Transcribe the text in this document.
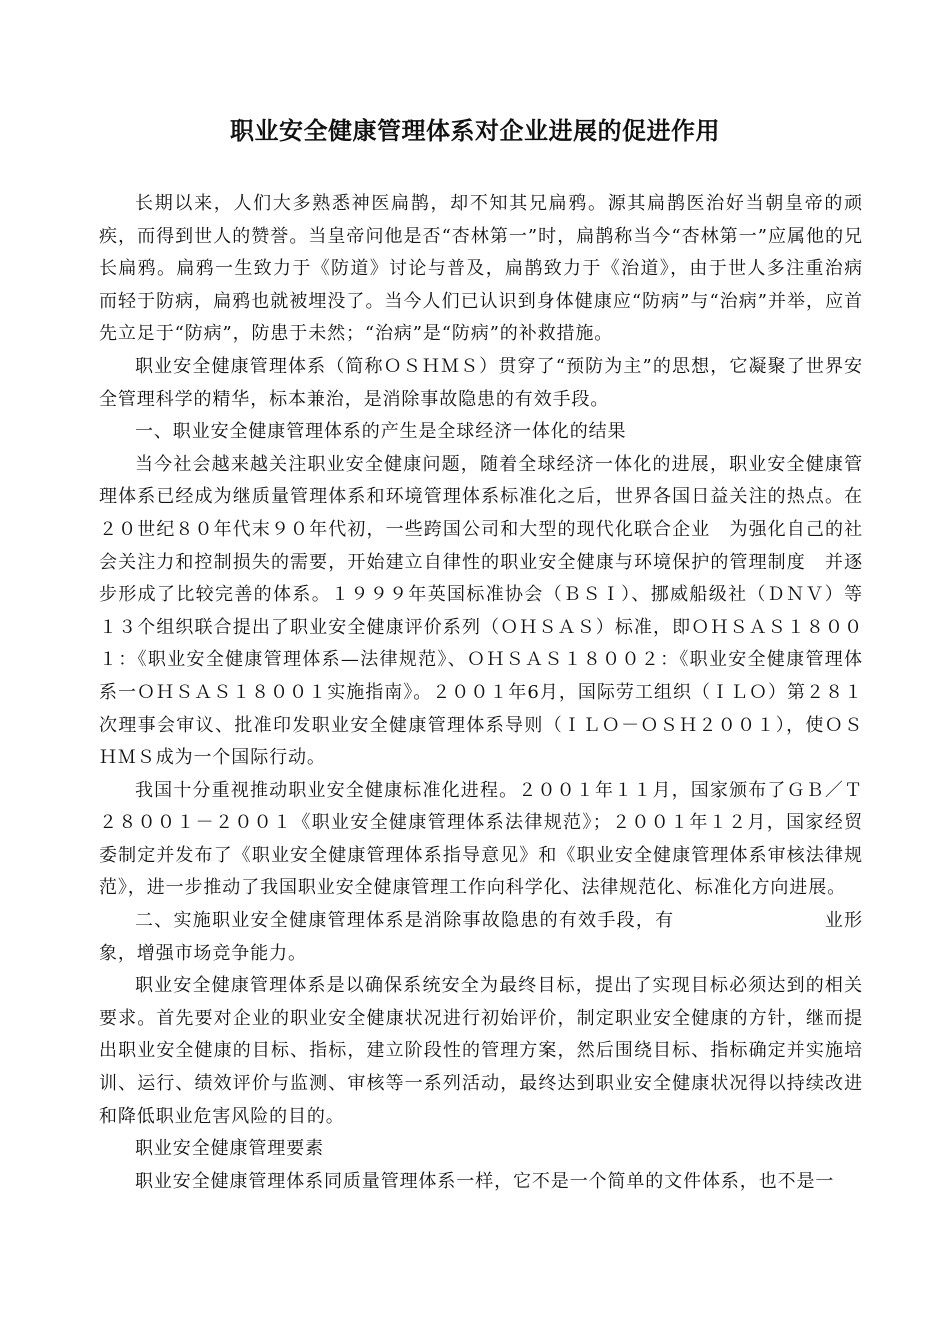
职业安全健康管理体系对企业进展的促进作用

长期以来，人们大多熟悉神医扁鹊，却不知其兄扁鸦。源其扁鹊医治好当朝皇帝的顽疾，而得到世人的赞誉。当皇帝问他是否“杏林第一”时，扁鹊称当今“杏林第一”应属他的兄长扁鸦。扁鸦一生致力于《防道》讨论与普及，扁鹊致力于《治道》，由于世人多注重治病而轻于防病，扁鸦也就被埋没了。当今人们已认识到身体健康应“防病”与“治病”并举，应首先立足于“防病”，防患于未然；“治病”是“防病”的补救措施。

职业安全健康管理体系（简称ＯＳＨＭＳ）贯穿了“预防为主”的思想，它凝聚了世界安全管理科学的精华，标本兼治，是消除事故隐患的有效手段。

一、职业安全健康管理体系的产生是全球经济一体化的结果

当今社会越来越关注职业安全健康问题，随着全球经济一体化的进展，职业安全健康管理体系已经成为继质量管理体系和环境管理体系标准化之后，世界各国日益关注的热点。在２０世纪８０年代末９０年代初，一些跨国公司和大型的现代化联合企业　为强化自己的社会关注力和控制损失的需要，开始建立自律性的职业安全健康与环境保护的管理制度　并逐步形成了比较完善的体系。１９９９年英国标准协会（ＢＳＩ）、挪威船级社（ＤＮＶ）等１３个组织联合提出了职业安全健康评价系列（ＯＨＳＡＳ）标准，即ＯＨＳＡＳ１８００１：《职业安全健康管理体系—法律规范》、ＯＨＳＡＳ１８００２：《职业安全健康管理体系一ＯＨＳＡＳ１８００１实施指南》。２００１年6月，国际劳工组织（ＩＬＯ）第２８１次理事会审议、批准印发职业安全健康管理体系导则（ＩＬＯ－ＯＳＨ２００１），使ＯＳＨＭＳ成为一个国际行动。

我国十分重视推动职业安全健康标准化进程。２００１年１１月，国家颁布了ＧＢ／Ｔ２８００１－２００１《职业安全健康管理体系法律规范》；２００１年１２月，国家经贸委制定并发布了《职业安全健康管理体系指导意见》和《职业安全健康管理体系审核法律规范》，进一步推动了我国职业安全健康管理工作向科学化、法律规范化、标准化方向进展。

二、实施职业安全健康管理体系是消除事故隐患的有效手段，有	业形象，增强市场竞争能力。

职业安全健康管理体系是以确保系统安全为最终目标，提出了实现目标必须达到的相关要求。首先要对企业的职业安全健康状况进行初始评价，制定职业安全健康的方针，继而提出职业安全健康的目标、指标，建立阶段性的管理方案，然后围绕目标、指标确定并实施培训、运行、绩效评价与监测、审核等一系列活动，最终达到职业安全健康状况得以持续改进和降低职业危害风险的目的。

职业安全健康管理要素

职业安全健康管理体系同质量管理体系一样，它不是一个简单的文件体系，也不是一
